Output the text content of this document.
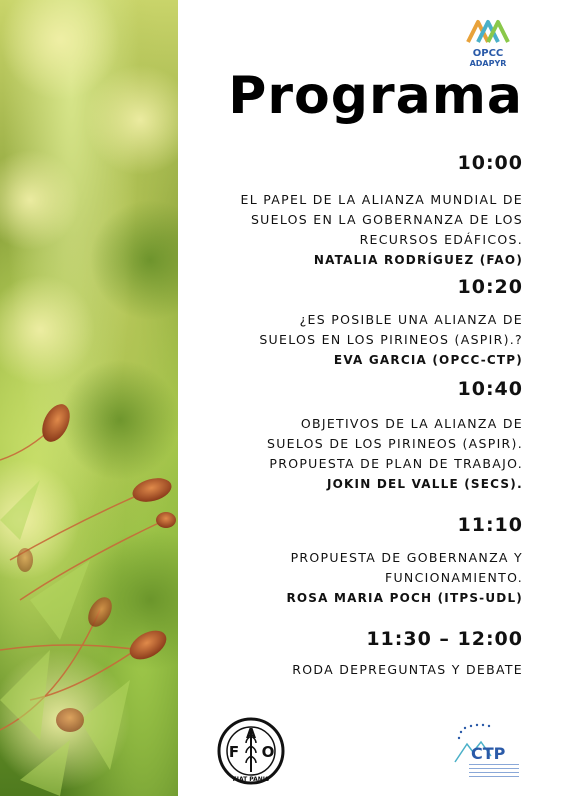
OPCC
ADAPYR
Programa
10:00
EL PAPEL DE LA ALIANZA MUNDIAL DE
SUELOS EN LA GOBERNANZA DE LOS
RECURSOS EDÁFICOS.
NATALIA RODRÍGUEZ (FAO)
10:20
¿ES POSIBLE UNA ALIANZA DE
SUELOS EN LOS PIRINEOS (ASPIR).?
EVA GARCIA (OPCC-CTP)
10:40
OBJETIVOS DE LA ALIANZA DE
SUELOS DE LOS PIRINEOS (ASPIR).
PROPUESTA DE PLAN DE TRABAJO.
JOKIN DEL VALLE (SECS).
11:10
PROPUESTA DE GOBERNANZA Y
FUNCIONAMIENTO.
ROSA MARIA POCH (ITPS-UDL)
11:30 – 12:00
RODA DEPREGUNTAS Y DEBATE
F
A
O
FIAT PANIS
CTP
